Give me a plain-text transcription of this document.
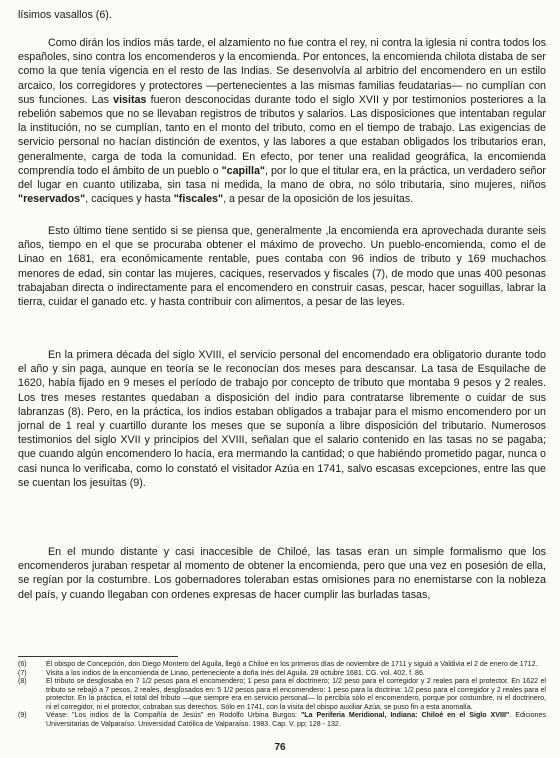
lísimos vasallos (6).

Como dirán los indios más tarde, el alzamiento no fue contra el rey, ni contra la iglesia ni contra todos los españoles, sino contra los encomenderos y la encomienda. Por entonces, la encomienda chilota distaba de ser como la que tenía vigencia en el resto de las Indias. Se desenvolvía al arbitrio del encomendero en un estilo arcaico, los corregidores y protectores —pertenecientes a las mismas familias feudatarias— no cumplían con sus funciones. Las visitas fueron desconocidas durante todo el siglo XVII y por testimonios posteriores a la rebelión sabemos que no se llevaban registros de tributos y salarios. Las disposiciones que intentaban regular la institución, no se cumplían, tanto en el monto del tributo, como en el tiempo de trabajo. Las exigencias de servicio personal no hacían distinción de exentos, y las labores a que estaban obligados los tributarios eran, generalmente, carga de toda la comunidad. En efecto, por tener una realidad geográfica, la encomienda comprendía todo el ámbito de un pueblo o "capilla", por lo que el titular era, en la práctica, un verdadero señor del lugar en cuanto utilizaba, sin tasa ni medida, la mano de obra, no sólo tributaria, sino mujeres, niños "reservados", caciques y hasta "fiscales", a pesar de la oposición de los jesuítas.

Esto último tiene sentido si se piensa que, generalmente ,la encomienda era aprovechada durante seis años, tiempo en el que se procuraba obtener el máximo de provecho. Un pueblo-encomienda, como el de Linao en 1681, era económicamente rentable, pues contaba con 96 indios de tributo y 169 muchachos menores de edad, sin contar las mujeres, caciques, reservados y fiscales (7), de modo que unas 400 pesonas trabajaban directa o indirectamente para el encomendero en construir casas, pescar, hacer soguillas, labrar la tierra, cuidar el ganado etc. y hasta contribuir con alimentos, a pesar de las leyes.

En la primera década del siglo XVIII, el servicio personal del encomendado era obligatorio durante todo el año y sin paga, aunque en teoría se le reconocían dos meses para descansar. La tasa de Esquilache de 1620, había fijado en 9 meses el período de trabajo por concepto de tributo que montaba 9 pesos y 2 reales. Los tres meses restantes quedaban a disposición del indio para contratarse libremente o cuidar de sus labranzas (8). Pero, en la práctica, los indios estaban obligados a trabajar para el mismo encomendero por un jornal de 1 real y cuartillo durante los meses que se suponía a libre disposición del tributario. Numerosos testimonios del siglo XVII y principios del XVIII, señalan que el salario contenido en las tasas no se pagaba; que cuando algún encomendero lo hacía, era mermando la cantidad; o que habiéndo prometido pagar, nunca o casi nunca lo verificaba, como lo constató el visitador Azúa en 1741, salvo escasas excepciones, entre las que se cuentan los jesuítas (9).

En el mundo distante y casi inaccesible de Chiloé, las tasas eran un simple formalismo que los encomenderos juraban respetar al momento de obtener la encomienda, pero que una vez en posesión de ella, se regían por la costumbre. Los gobernadores toleraban estas omisiones para no enemistarse con la nobleza del país, y cuando llegaban con ordenes expresas de hacer cumplir las burladas tasas,

(6)	El obispo de Concepción, don Diego Montero del Aguila, llegó a Chiloé en los primeros días de noviembre de 1711 y siguió a Valdivia el 2 de enero de 1712.
(7)	Visita a los indios de la encomienda de Linao, perteneciente a doña Inés del Aguila. 29 octubre 1681. CG. vol. 402, f. 86.
(8)	El tributo se desglosaba en 7 1/2 pesos para el encomendero; 1 peso para el doctrinero; 1/2 peso para el corregidor y 2 reales para el protector. En 1622 el tributo se rebajó a 7 pesos, 2 reales, desglosados en: 5 1/2 pesos para el encomendero: 1 peso para la doctrina: 1/2 peso para el corregidor y 2 reales para el protector. En la práctica, el total del tributo —que siempre era en servicio personal— lo percibía sólo el encomendero, porque por costumbre, ni el doctrinero, ni el corregidor, ni el protector, cobraban sus derechos. Sólo en 1741, con la visita del obispo auxiliar Azúa, se puso fin a esta anomalía.
(9)	Véase: "Los indios de la Compañía de Jesús" en Rodolfo Urbina Burgos: "La Periferia Meridional, Indiana: Chiloé en el Siglo XVIII". Ediciones Universitarias de Valparaíso. Universidad Católica de Valparaíso. 1983. Cap. V. pp; 128 - 132.
76
